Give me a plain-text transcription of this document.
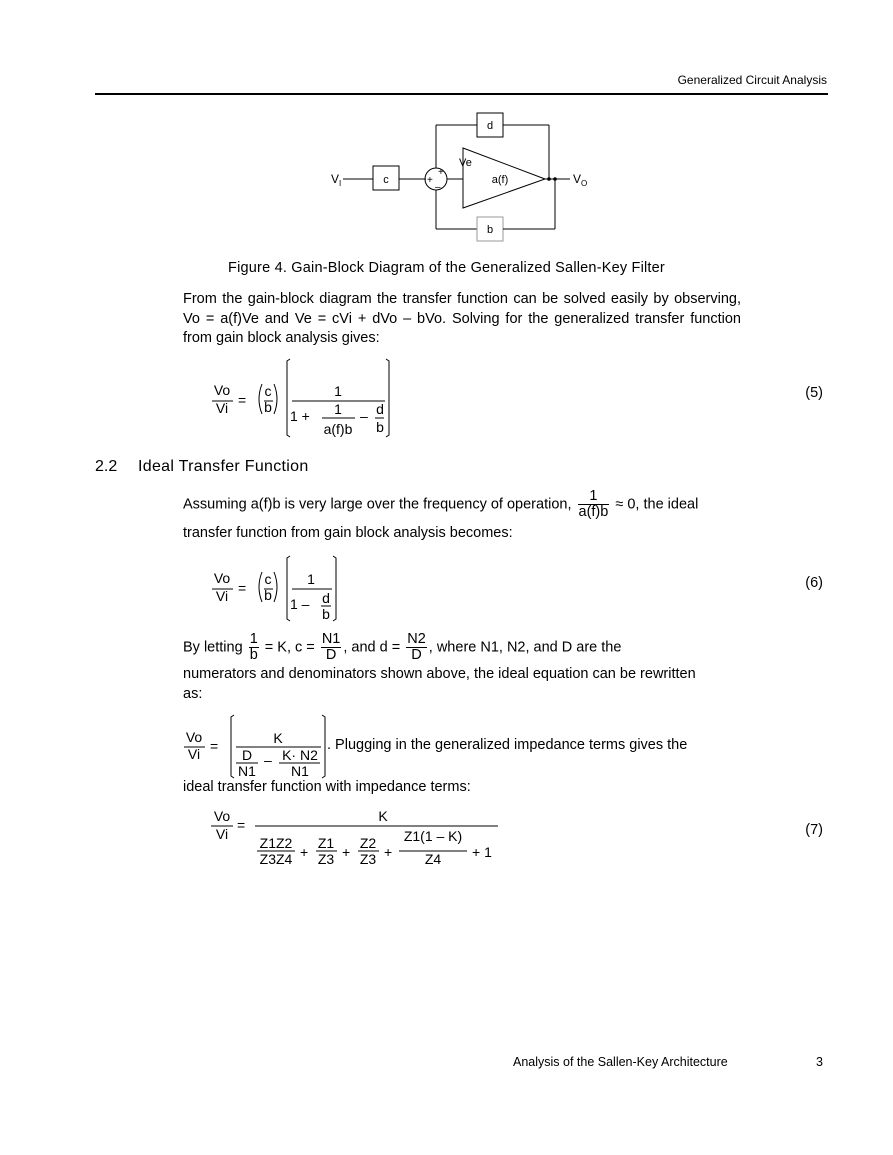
Generalized Circuit Analysis
V I	c
d
b
Ve
a(f)	V O
+
+
–
Figure 4. Gain-Block Diagram of the Generalized Sallen-Key Filter
From the gain-block diagram the transfer function can be solved easily by observing, Vo = a(f)Ve and Ve = cVi + dVo – bVo. Solving for the generalized transfer function from gain block analysis gives:
Vo
Vi =
c
b
1
1 + 1
a(f)b
– d
b
(5)
2.2 Ideal Transfer Function
Assuming a(f)b is very large over the frequency of operation, $\frac{1}{a(f)b} \approx 0$, the ideal
transfer function from gain block analysis becomes:
Vo
Vi =
c
b
1
1 – d
b
(6)
By letting $\frac{1}{b} = K$, $c = \frac{N1}{D}$ , and $d = \frac{N2}{D}$ , where N1, N2, and D are the
numerators and denominators shown above, the ideal equation can be rewritten
as:
Vo
Vi =	K
D
N1
– K· N2
N1
. Plugging in the generalized impedance terms gives the
ideal transfer function with impedance terms:
Vo
Vi
=
K
Z1Z2
Z3Z4 +
Z1
Z3 +
Z2
Z3 +
Z1(1 – K)
Z4 + 1
(7)
Analysis of the Sallen-Key Architecture	3
